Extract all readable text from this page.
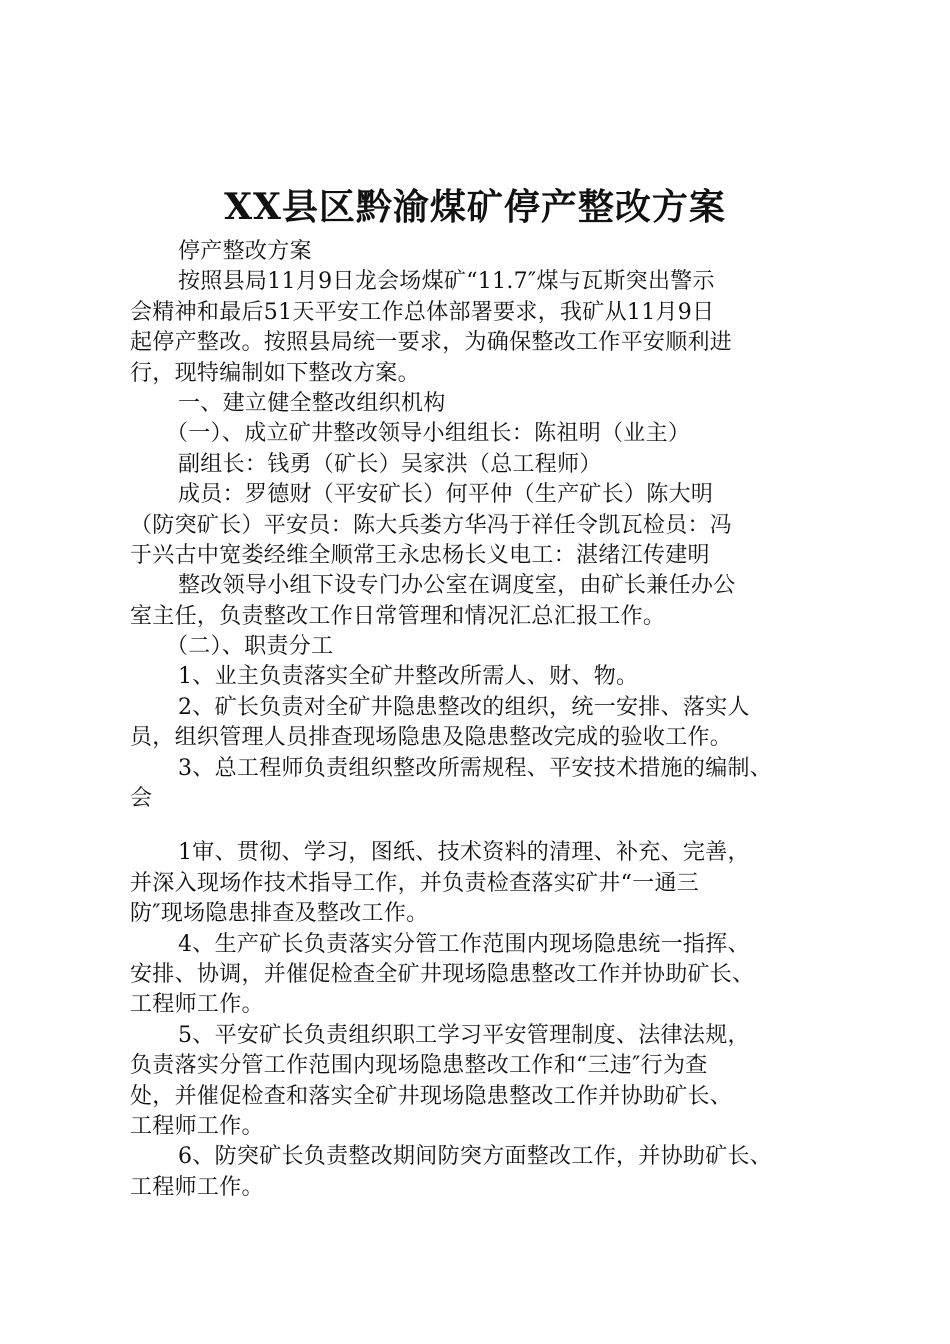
XX县区黔渝煤矿停产整改方案
停产整改方案
按照县局11月9日龙会场煤矿“11.7″煤与瓦斯突出警示
会精神和最后51天平安工作总体部署要求，我矿从11月9日
起停产整改。按照县局统一要求，为确保整改工作平安顺利进
行，现特编制如下整改方案。
一、建立健全整改组织机构
（一）、成立矿井整改领导小组组长：陈祖明（业主）
副组长：钱勇（矿长）吴家洪（总工程师）
成员：罗德财（平安矿长）何平仲（生产矿长）陈大明
（防突矿长）平安员：陈大兵娄方华冯于祥任令凯瓦检员：冯
于兴古中宽娄经维全顺常王永忠杨长义电工：湛绪江传建明
整改领导小组下设专门办公室在调度室，由矿长兼任办公
室主任，负责整改工作日常管理和情况汇总汇报工作。
（二）、职责分工
1、业主负责落实全矿井整改所需人、财、物。
2、矿长负责对全矿井隐患整改的组织，统一安排、落实人
员，组织管理人员排查现场隐患及隐患整改完成的验收工作。
3、总工程师负责组织整改所需规程、平安技术措施的编制、
会
1审、贯彻、学习，图纸、技术资料的清理、补充、完善，
并深入现场作技术指导工作，并负责检查落实矿井“一通三
防″现场隐患排查及整改工作。
4、生产矿长负责落实分管工作范围内现场隐患统一指挥、
安排、协调，并催促检查全矿井现场隐患整改工作并协助矿长、
工程师工作。
5、平安矿长负责组织职工学习平安管理制度、法律法规，
负责落实分管工作范围内现场隐患整改工作和“三违″行为查
处，并催促检查和落实全矿井现场隐患整改工作并协助矿长、
工程师工作。
6、防突矿长负责整改期间防突方面整改工作，并协助矿长、
工程师工作。
